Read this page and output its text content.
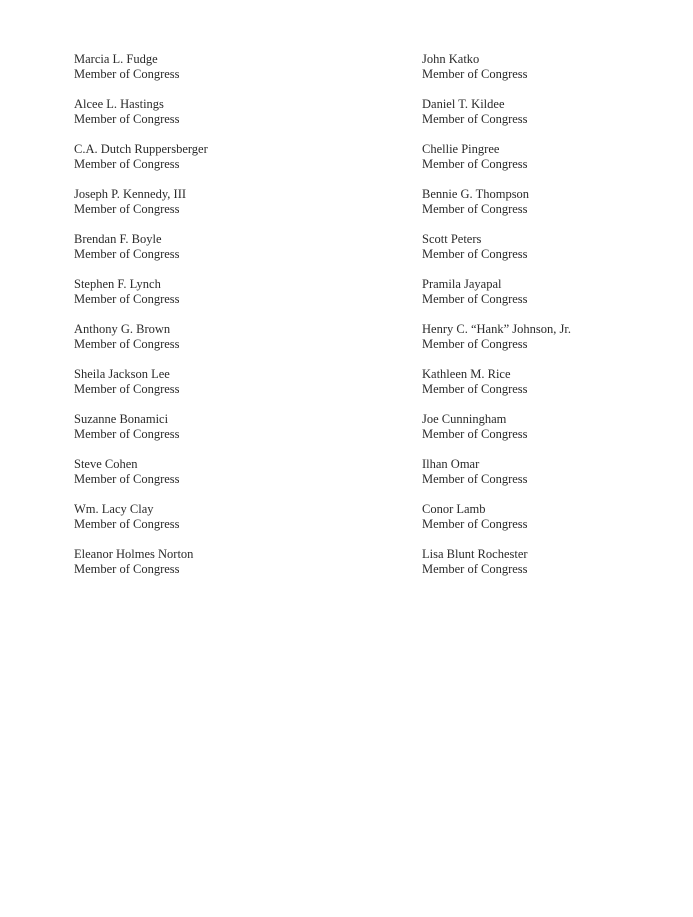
Marcia L. Fudge
Member of Congress
Alcee L. Hastings
Member of Congress
C.A. Dutch Ruppersberger
Member of Congress
Joseph P. Kennedy, III
Member of Congress
Brendan F. Boyle
Member of Congress
Stephen F. Lynch
Member of Congress
Anthony G. Brown
Member of Congress
Sheila Jackson Lee
Member of Congress
Suzanne Bonamici
Member of Congress
Steve Cohen
Member of Congress
Wm. Lacy Clay
Member of Congress
Eleanor Holmes Norton
Member of Congress
John Katko
Member of Congress
Daniel T. Kildee
Member of Congress
Chellie Pingree
Member of Congress
Bennie G. Thompson
Member of Congress
Scott Peters
Member of Congress
Pramila Jayapal
Member of Congress
Henry C. “Hank” Johnson, Jr.
Member of Congress
Kathleen M. Rice
Member of Congress
Joe Cunningham
Member of Congress
Ilhan Omar
Member of Congress
Conor Lamb
Member of Congress
Lisa Blunt Rochester
Member of Congress
